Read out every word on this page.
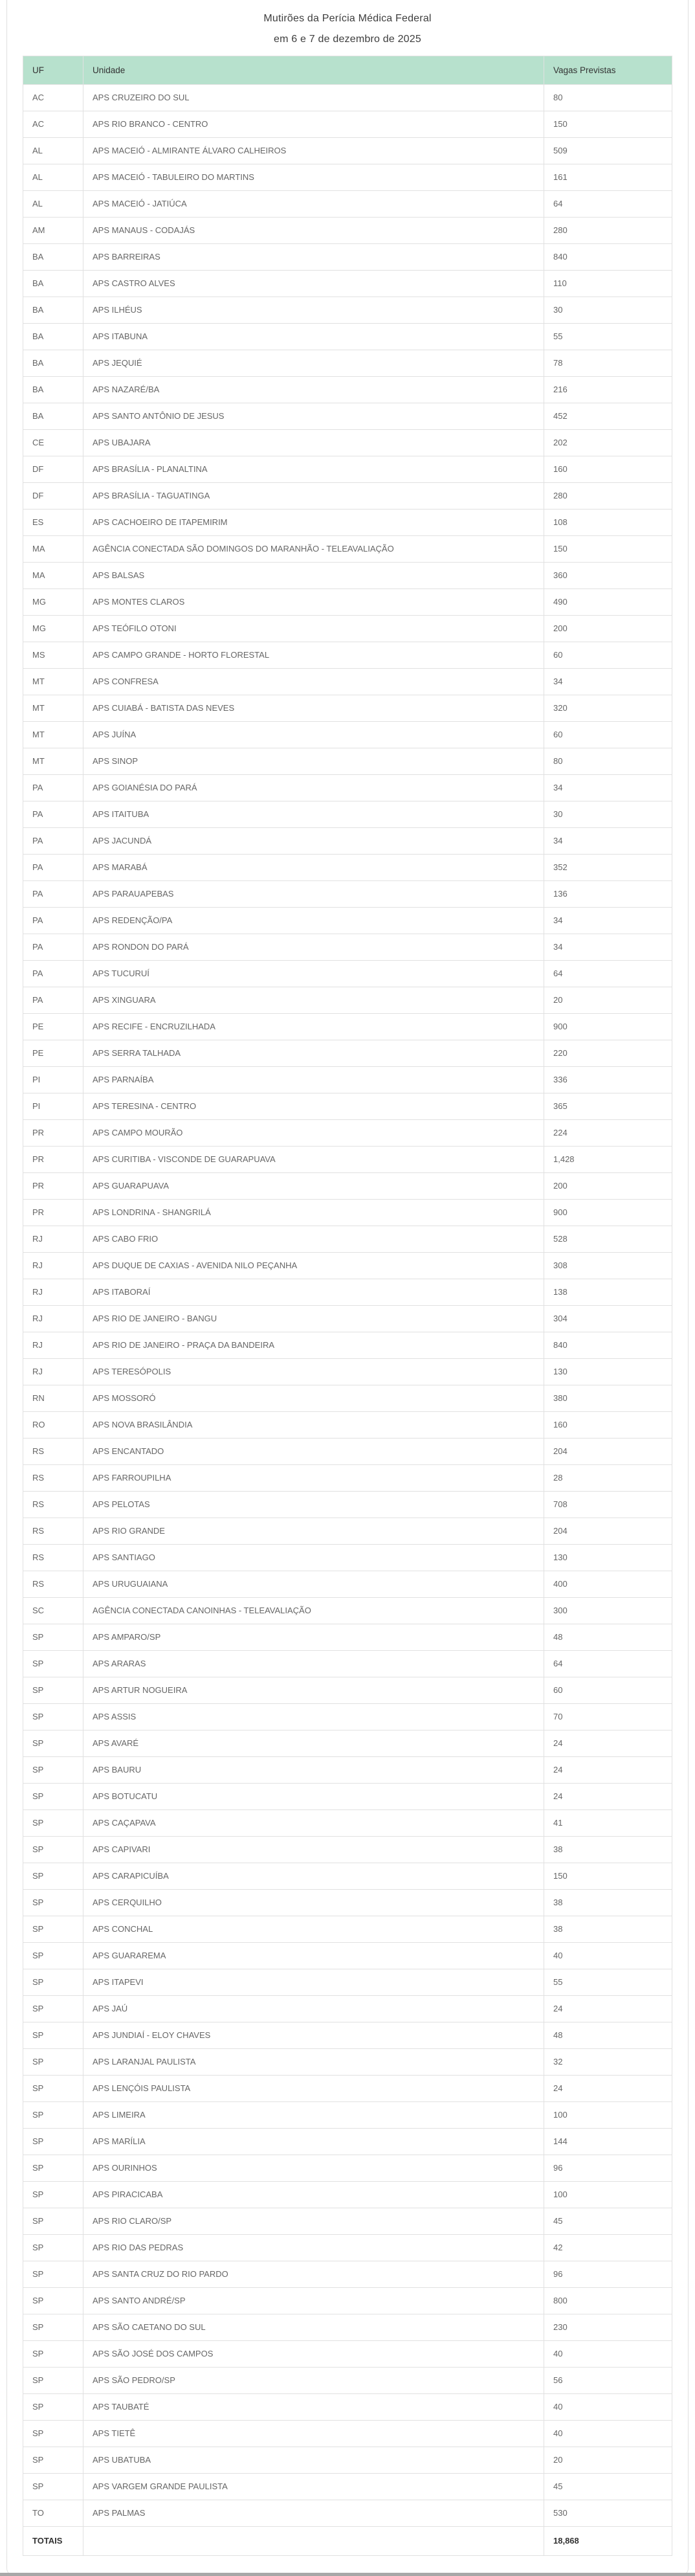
Mutirões da Perícia Médica Federal
em 6 e 7 de dezembro de 2025
UF	Unidade	Vagas Previstas
AC	APS CRUZEIRO DO SUL	80
AC	APS RIO BRANCO - CENTRO	150
AL	APS MACEIÓ - ALMIRANTE ÁLVARO CALHEIROS	509
AL	APS MACEIÓ - TABULEIRO DO MARTINS	161
AL	APS MACEIÓ - JATIÚCA	64
AM	APS MANAUS - CODAJÁS	280
BA	APS BARREIRAS	840
BA	APS CASTRO ALVES	110
BA	APS ILHÉUS	30
BA	APS ITABUNA	55
BA	APS JEQUIÉ	78
BA	APS NAZARÉ/BA	216
BA	APS SANTO ANTÔNIO DE JESUS	452
CE	APS UBAJARA	202
DF	APS BRASÍLIA - PLANALTINA	160
DF	APS BRASÍLIA - TAGUATINGA	280
ES	APS CACHOEIRO DE ITAPEMIRIM	108
MA	AGÊNCIA CONECTADA SÃO DOMINGOS DO MARANHÃO - TELEAVALIAÇÃO	150
MA	APS BALSAS	360
MG	APS MONTES CLAROS	490
MG	APS TEÓFILO OTONI	200
MS	APS CAMPO GRANDE - HORTO FLORESTAL	60
MT	APS CONFRESA	34
MT	APS CUIABÁ - BATISTA DAS NEVES	320
MT	APS JUÍNA	60
MT	APS SINOP	80
PA	APS GOIANÉSIA DO PARÁ	34
PA	APS ITAITUBA	30
PA	APS JACUNDÁ	34
PA	APS MARABÁ	352
PA	APS PARAUAPEBAS	136
PA	APS REDENÇÃO/PA	34
PA	APS RONDON DO PARÁ	34
PA	APS TUCURUÍ	64
PA	APS XINGUARA	20
PE	APS RECIFE - ENCRUZILHADA	900
PE	APS SERRA TALHADA	220
PI	APS PARNAÍBA	336
PI	APS TERESINA - CENTRO	365
PR	APS CAMPO MOURÃO	224
PR	APS CURITIBA - VISCONDE DE GUARAPUAVA	1,428
PR	APS GUARAPUAVA	200
PR	APS LONDRINA - SHANGRILÁ	900
RJ	APS CABO FRIO	528
RJ	APS DUQUE DE CAXIAS - AVENIDA NILO PEÇANHA	308
RJ	APS ITABORAÍ	138
RJ	APS RIO DE JANEIRO - BANGU	304
RJ	APS RIO DE JANEIRO - PRAÇA DA BANDEIRA	840
RJ	APS TERESÓPOLIS	130
RN	APS MOSSORÓ	380
RO	APS NOVA BRASILÂNDIA	160
RS	APS ENCANTADO	204
RS	APS FARROUPILHA	28
RS	APS PELOTAS	708
RS	APS RIO GRANDE	204
RS	APS SANTIAGO	130
RS	APS URUGUAIANA	400
SC	AGÊNCIA CONECTADA CANOINHAS - TELEAVALIAÇÃO	300
SP	APS AMPARO/SP	48
SP	APS ARARAS	64
SP	APS ARTUR NOGUEIRA	60
SP	APS ASSIS	70
SP	APS AVARÉ	24
SP	APS BAURU	24
SP	APS BOTUCATU	24
SP	APS CAÇAPAVA	41
SP	APS CAPIVARI	38
SP	APS CARAPICUÍBA	150
SP	APS CERQUILHO	38
SP	APS CONCHAL	38
SP	APS GUARAREMA	40
SP	APS ITAPEVI	55
SP	APS JAÚ	24
SP	APS JUNDIAÍ - ELOY CHAVES	48
SP	APS LARANJAL PAULISTA	32
SP	APS LENÇÓIS PAULISTA	24
SP	APS LIMEIRA	100
SP	APS MARÍLIA	144
SP	APS OURINHOS	96
SP	APS PIRACICABA	100
SP	APS RIO CLARO/SP	45
SP	APS RIO DAS PEDRAS	42
SP	APS SANTA CRUZ DO RIO PARDO	96
SP	APS SANTO ANDRÉ/SP	800
SP	APS SÃO CAETANO DO SUL	230
SP	APS SÃO JOSÉ DOS CAMPOS	40
SP	APS SÃO PEDRO/SP	56
SP	APS TAUBATÉ	40
SP	APS TIETÊ	40
SP	APS UBATUBA	20
SP	APS VARGEM GRANDE PAULISTA	45
TO	APS PALMAS	530
TOTAIS		18,868
